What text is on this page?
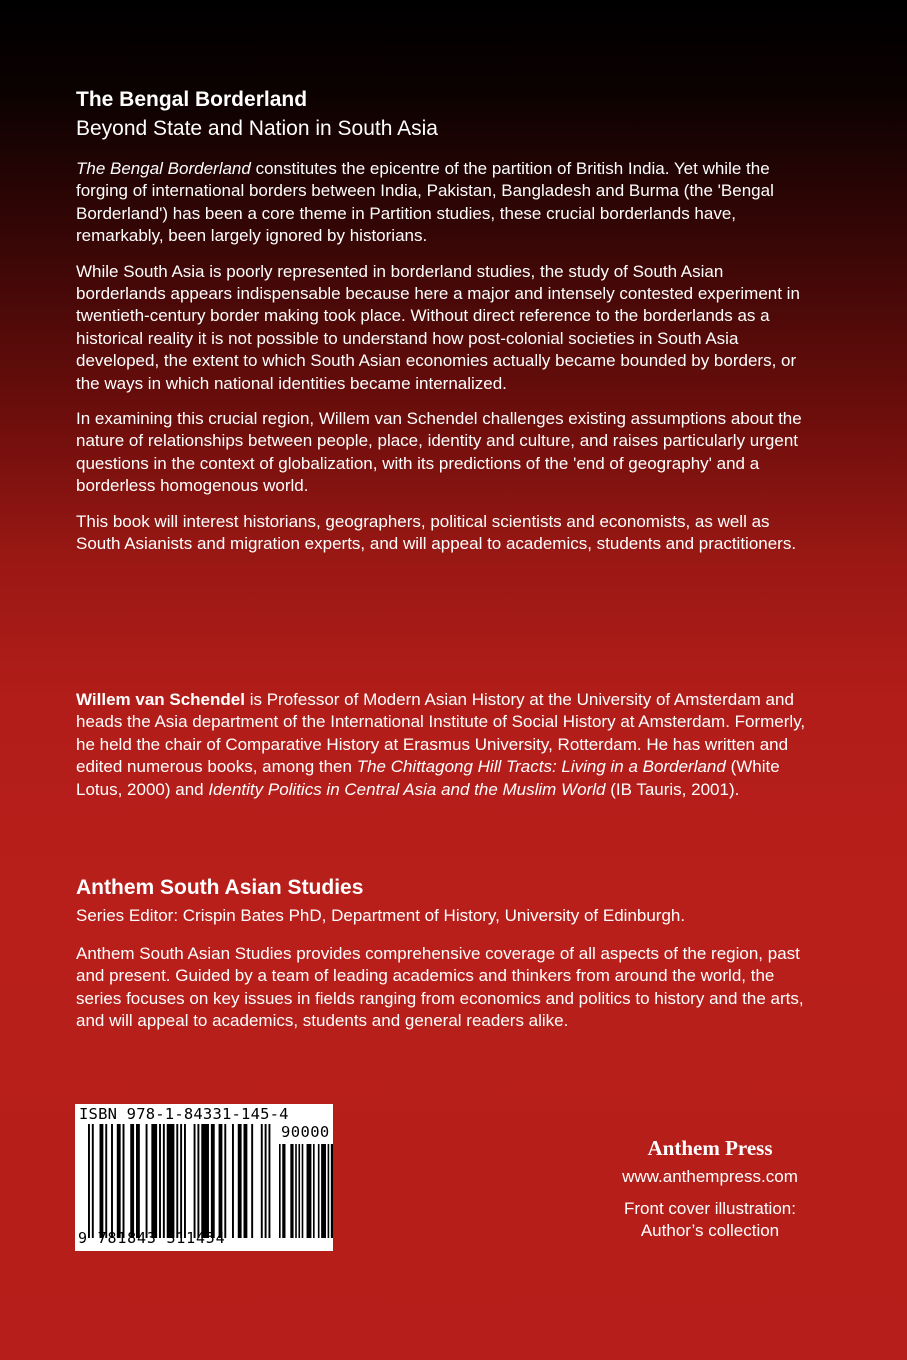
The Bengal Borderland
Beyond State and Nation in South Asia

The Bengal Borderland constitutes the epicentre of the partition of British India. Yet while the forging of international borders between India, Pakistan, Bangladesh and Burma (the 'Bengal Borderland') has been a core theme in Partition studies, these crucial borderlands have, remarkably, been largely ignored by historians.

While South Asia is poorly represented in borderland studies, the study of South Asian borderlands appears indispensable because here a major and intensely contested experiment in twentieth-century border making took place. Without direct reference to the borderlands as a historical reality it is not possible to understand how post-colonial societies in South Asia developed, the extent to which South Asian economies actually became bounded by borders, or the ways in which national identities became internalized.

In examining this crucial region, Willem van Schendel challenges existing assumptions about the nature of relationships between people, place, identity and culture, and raises particularly urgent questions in the context of globalization, with its predictions of the 'end of geography' and a borderless homogenous world.

This book will interest historians, geographers, political scientists and economists, as well as South Asianists and migration experts, and will appeal to academics, students and practitioners.

Willem van Schendel is Professor of Modern Asian History at the University of Amsterdam and heads the Asia department of the International Institute of Social History at Amsterdam. Formerly, he held the chair of Comparative History at Erasmus University, Rotterdam. He has written and edited numerous books, among then The Chittagong Hill Tracts: Living in a Borderland (White Lotus, 2000) and Identity Politics in Central Asia and the Muslim World (IB Tauris, 2001).

Anthem South Asian Studies

Series Editor: Crispin Bates PhD, Department of History, University of Edinburgh.

Anthem South Asian Studies provides comprehensive coverage of all aspects of the region, past and present. Guided by a team of leading academics and thinkers from around the world, the series focuses on key issues in fields ranging from economics and politics to history and the arts, and will appeal to academics, students and general readers alike.

ISBN 978-1-84331-145-4
90000
9 781843 311454

Anthem Press

www.anthempress.com

Front cover illustration:
Author’s collection
